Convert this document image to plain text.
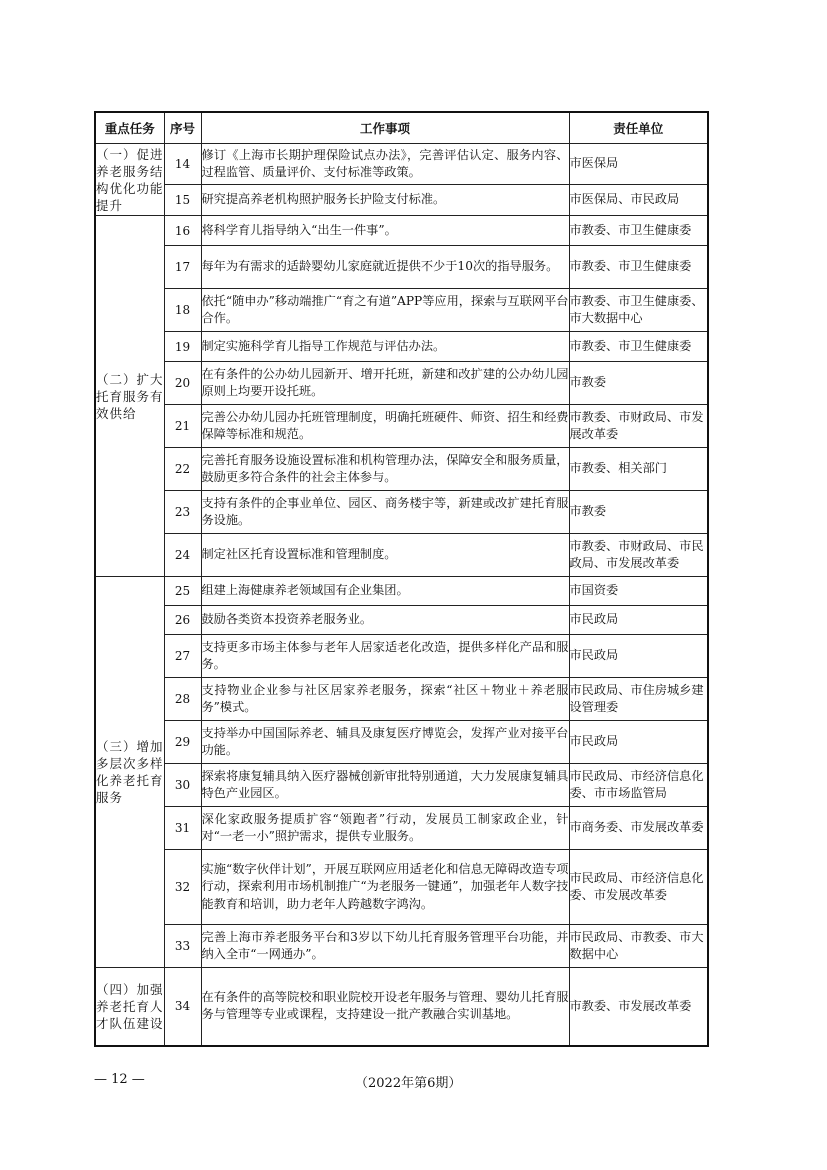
重点任务	序号	工作事项	责任单位
（一）促进养老服务结构优化功能提升	14	修订《上海市长期护理保险试点办法》，完善评估认定、服务内容、过程监管、质量评价、支付标准等政策。	市医保局
	15	研究提高养老机构照护服务长护险支付标准。	市医保局、市民政局
（二）扩大托育服务有效供给	16	将科学育儿指导纳入“出生一件事”。	市教委、市卫生健康委
	17	每年为有需求的适龄婴幼儿家庭就近提供不少于10次的指导服务。	市教委、市卫生健康委
	18	依托“随申办”移动端推广“育之有道”APP等应用，探索与互联网平台合作。	市教委、市卫生健康委、市大数据中心
	19	制定实施科学育儿指导工作规范与评估办法。	市教委、市卫生健康委
	20	在有条件的公办幼儿园新开、增开托班，新建和改扩建的公办幼儿园原则上均要开设托班。	市教委
	21	完善公办幼儿园办托班管理制度，明确托班硬件、师资、招生和经费保障等标准和规范。	市教委、市财政局、市发展改革委
	22	完善托育服务设施设置标准和机构管理办法，保障安全和服务质量，鼓励更多符合条件的社会主体参与。	市教委、相关部门
	23	支持有条件的企事业单位、园区、商务楼宇等，新建或改扩建托育服务设施。	市教委
	24	制定社区托育设置标准和管理制度。	市教委、市财政局、市民政局、市发展改革委
（三）增加多层次多样化养老托育服务	25	组建上海健康养老领域国有企业集团。	市国资委
	26	鼓励各类资本投资养老服务业。	市民政局
	27	支持更多市场主体参与老年人居家适老化改造，提供多样化产品和服务。	市民政局
	28	支持物业企业参与社区居家养老服务，探索“社区＋物业＋养老服务”模式。	市民政局、市住房城乡建设管理委
	29	支持举办中国国际养老、辅具及康复医疗博览会，发挥产业对接平台功能。	市民政局
	30	探索将康复辅具纳入医疗器械创新审批特别通道，大力发展康复辅具特色产业园区。	市民政局、市经济信息化委、市市场监管局
	31	深化家政服务提质扩容“领跑者”行动，发展员工制家政企业，针对“一老一小”照护需求，提供专业服务。	市商务委、市发展改革委
	32	实施“数字伙伴计划”，开展互联网应用适老化和信息无障碍改造专项行动，探索利用市场机制推广“为老服务一键通”，加强老年人数字技能教育和培训，助力老年人跨越数字鸿沟。	市民政局、市经济信息化委、市发展改革委
	33	完善上海市养老服务平台和3岁以下幼儿托育服务管理平台功能，并纳入全市“一网通办”。	市民政局、市教委、市大数据中心
（四）加强养老托育人才队伍建设	34	在有条件的高等院校和职业院校开设老年服务与管理、婴幼儿托育服务与管理等专业或课程，支持建设一批产教融合实训基地。	市教委、市发展改革委
— 12 —	（2022年第6期）
